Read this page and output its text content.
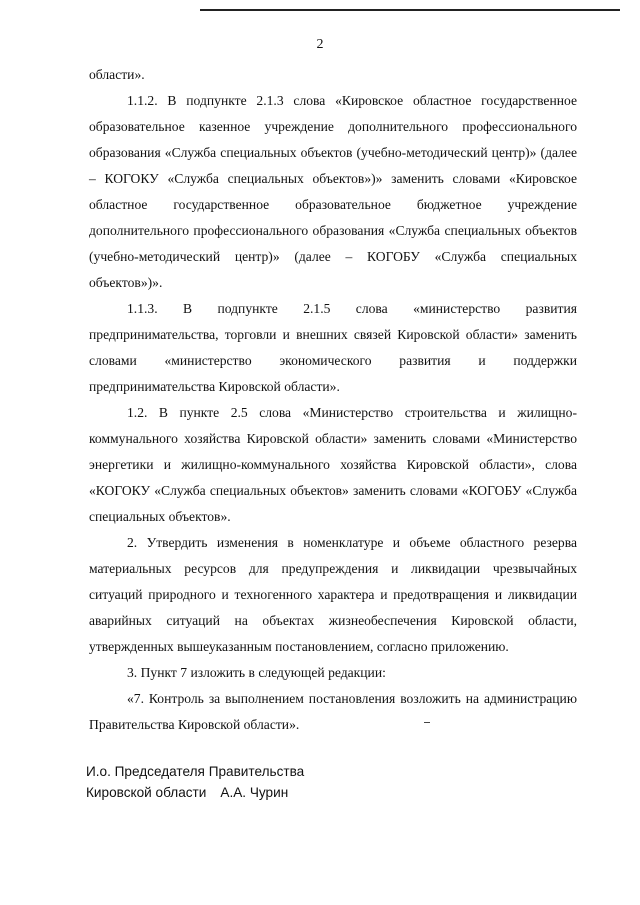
2

области».

1.1.2. В подпункте 2.1.3 слова «Кировское областное государственное образовательное казенное учреждение дополнительного профессионального образования «Служба специальных объектов (учебно-методический центр)» (далее – КОГОКУ «Служба специальных объектов»)» заменить словами «Кировское областное государственное образовательное бюджетное учреждение дополнительного профессионального образования «Служба специальных объектов (учебно-методический центр)» (далее – КОГОБУ «Служба специальных объектов»)».

1.1.3. В подпункте 2.1.5 слова «министерство развития предпринимательства, торговли и внешних связей Кировской области» заменить словами «министерство экономического развития и поддержки предпринимательства Кировской области».

1.2. В пункте 2.5 слова «Министерство строительства и жилищно-коммунального хозяйства Кировской области» заменить словами «Министерство энергетики и жилищно-коммунального хозяйства Кировской области», слова «КОГОКУ «Служба специальных объектов» заменить словами «КОГОБУ «Служба специальных объектов».

2. Утвердить изменения в номенклатуре и объеме областного резерва материальных ресурсов для предупреждения и ликвидации чрезвычайных ситуаций природного и техногенного характера и предотвращения и ликвидации аварийных ситуаций на объектах жизнеобеспечения Кировской области, утвержденных вышеуказанным постановлением, согласно приложению.

3. Пункт 7 изложить в следующей редакции:

«7. Контроль за выполнением постановления возложить на администрацию Правительства Кировской области».

И.о. Председателя Правительства
Кировской области А.А. Чурин
